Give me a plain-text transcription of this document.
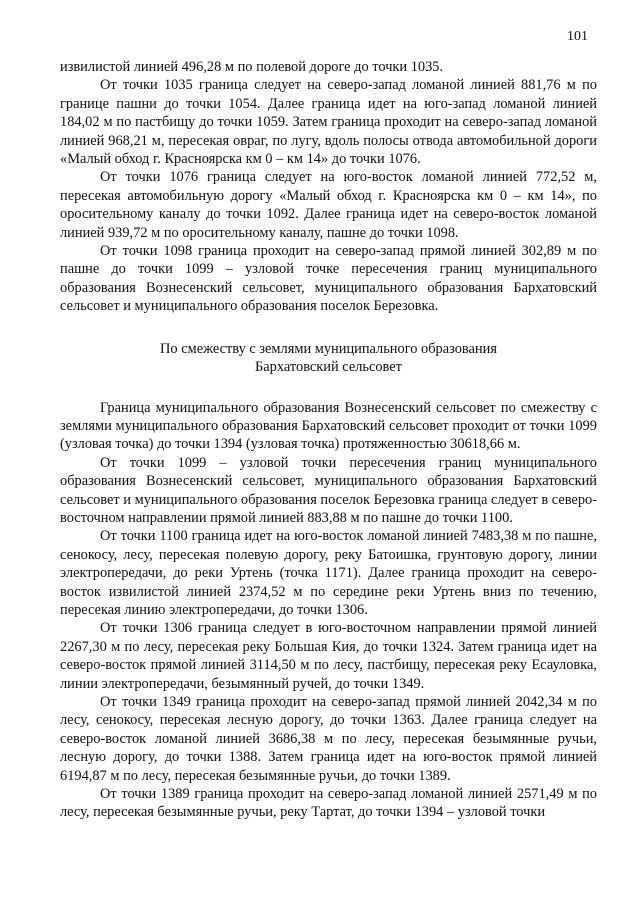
101

извилистой линией 496,28 м по полевой дороге до точки 1035.

От точки 1035 граница следует на северо-запад ломаной линией 881,76 м по границе пашни до точки 1054. Далее граница идет на юго-запад ломаной линией 184,02 м по пастбищу до точки 1059. Затем граница проходит на северо-запад ломаной линией 968,21 м, пересекая овраг, по лугу, вдоль полосы отвода автомобильной дороги «Малый обход г. Красноярска км 0 – км 14» до точки 1076.

От точки 1076 граница следует на юго-восток ломаной линией 772,52 м, пересекая автомобильную дорогу «Малый обход г. Красноярска км 0 – км 14», по оросительному каналу до точки 1092. Далее граница идет на северо-восток ломаной линией 939,72 м по оросительному каналу, пашне до точки 1098.

От точки 1098 граница проходит на северо-запад прямой линией 302,89 м по пашне до точки 1099 – узловой точке пересечения границ муниципального образования Вознесенский сельсовет, муниципального образования Бархатовский сельсовет и муниципального образования поселок Березовка.

По смежеству с землями муниципального образования
Бархатовский сельсовет

Граница муниципального образования Вознесенский сельсовет по смежеству с землями муниципального образования Бархатовский сельсовет проходит от точки 1099 (узловая точка) до точки 1394 (узловая точка) протяженностью 30618,66 м.

От точки 1099 – узловой точки пересечения границ муниципального образования Вознесенский сельсовет, муниципального образования Бархатовский сельсовет и муниципального образования поселок Березовка граница следует в северо-восточном направлении прямой линией 883,88 м по пашне до точки 1100.

От точки 1100 граница идет на юго-восток ломаной линией 7483,38 м по пашне, сенокосу, лесу, пересекая полевую дорогу, реку Батоишка, грунтовую дорогу, линии электропередачи, до реки Уртень (точка 1171). Далее граница проходит на северо-восток извилистой линией 2374,52 м по середине реки Уртень вниз по течению, пересекая линию электропередачи, до точки 1306.

От точки 1306 граница следует в юго-восточном направлении прямой линией 2267,30 м по лесу, пересекая реку Большая Кия, до точки 1324. Затем граница идет на северо-восток прямой линией 3114,50 м по лесу, пастбищу, пересекая реку Есауловка, линии электропередачи, безымянный ручей, до точки 1349.

От точки 1349 граница проходит на северо-запад прямой линией 2042,34 м по лесу, сенокосу, пересекая лесную дорогу, до точки 1363. Далее граница следует на северо-восток ломаной линией 3686,38 м по лесу, пересекая безымянные ручьи, лесную дорогу, до точки 1388. Затем граница идет на юго-восток прямой линией 6194,87 м по лесу, пересекая безымянные ручьи, до точки 1389.

От точки 1389 граница проходит на северо-запад ломаной линией 2571,49 м по лесу, пересекая безымянные ручьи, реку Тартат, до точки 1394 – узловой точки
